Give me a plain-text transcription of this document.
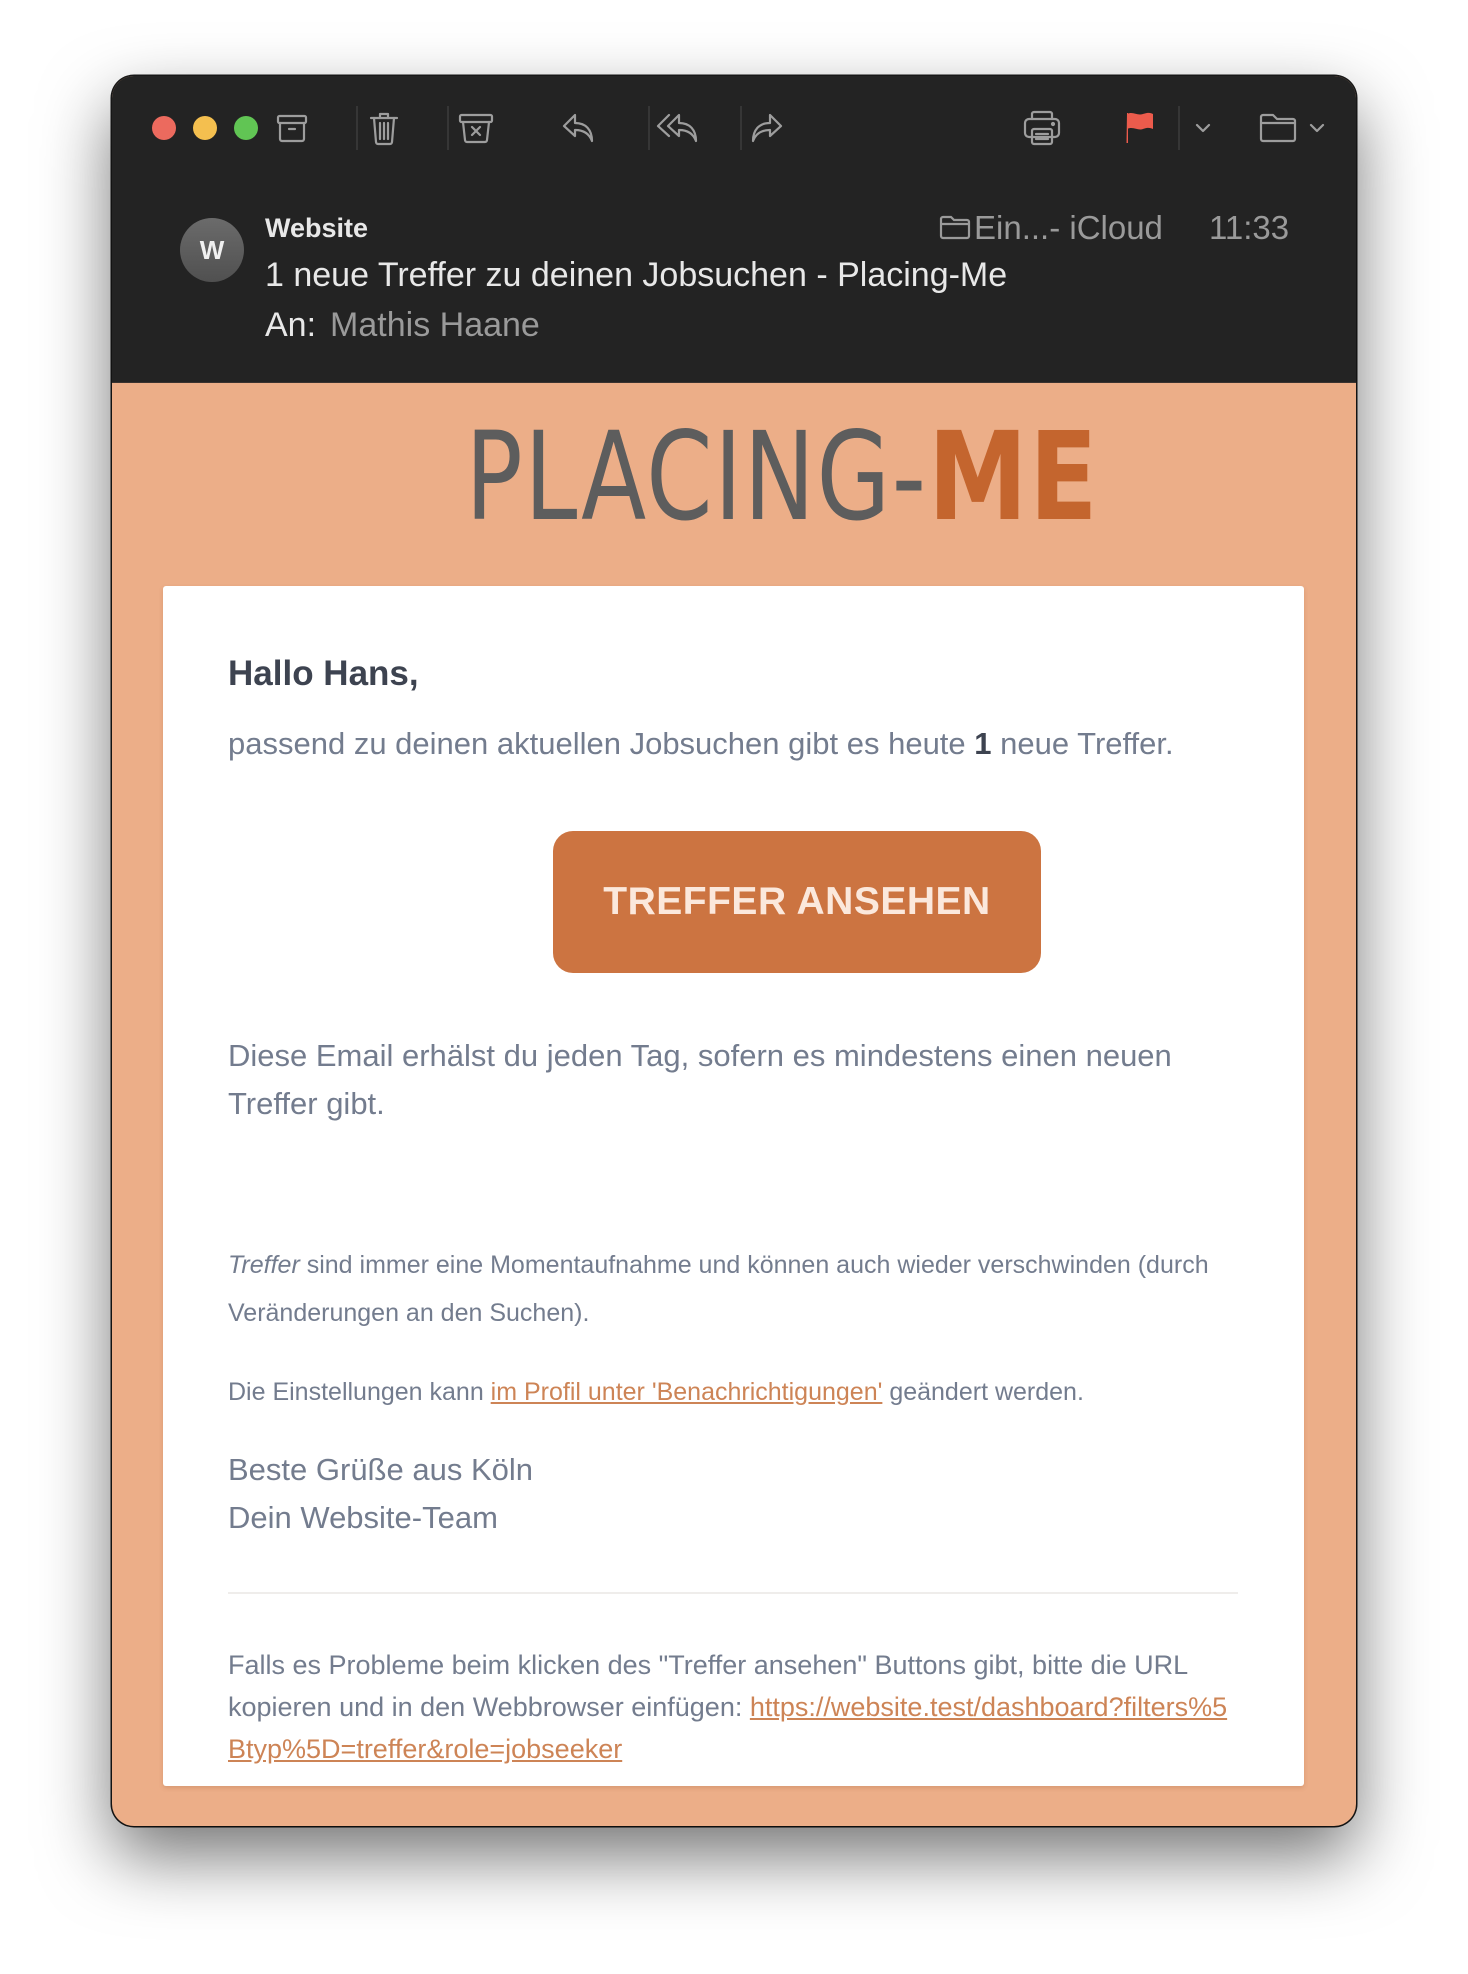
W
Website
1 neue Treffer zu deinen Jobsuchen - Placing-Me
An: Mathis Haane
Ein...- iCloud 11:33
PLACING- ME
Hallo Hans,
passend zu deinen aktuellen Jobsuchen gibt es heute 1 neue Treffer.
TREFFER ANSEHEN
Diese Email erhälst du jeden Tag, sofern es mindestens einen neuen Treffer gibt.
Treffer sind immer eine Momentaufnahme und können auch wieder verschwinden (durch Veränderungen an den Suchen).
Die Einstellungen kann im Profil unter 'Benachrichtigungen' geändert werden.
Beste Grüße aus Köln
Dein Website-Team
Falls es Probleme beim klicken des "Treffer ansehen" Buttons gibt, bitte die URL kopieren und in den Webbrowser einfügen: https://website.test/dashboard?filters%5Btyp%5D=treffer&role=jobseeker
